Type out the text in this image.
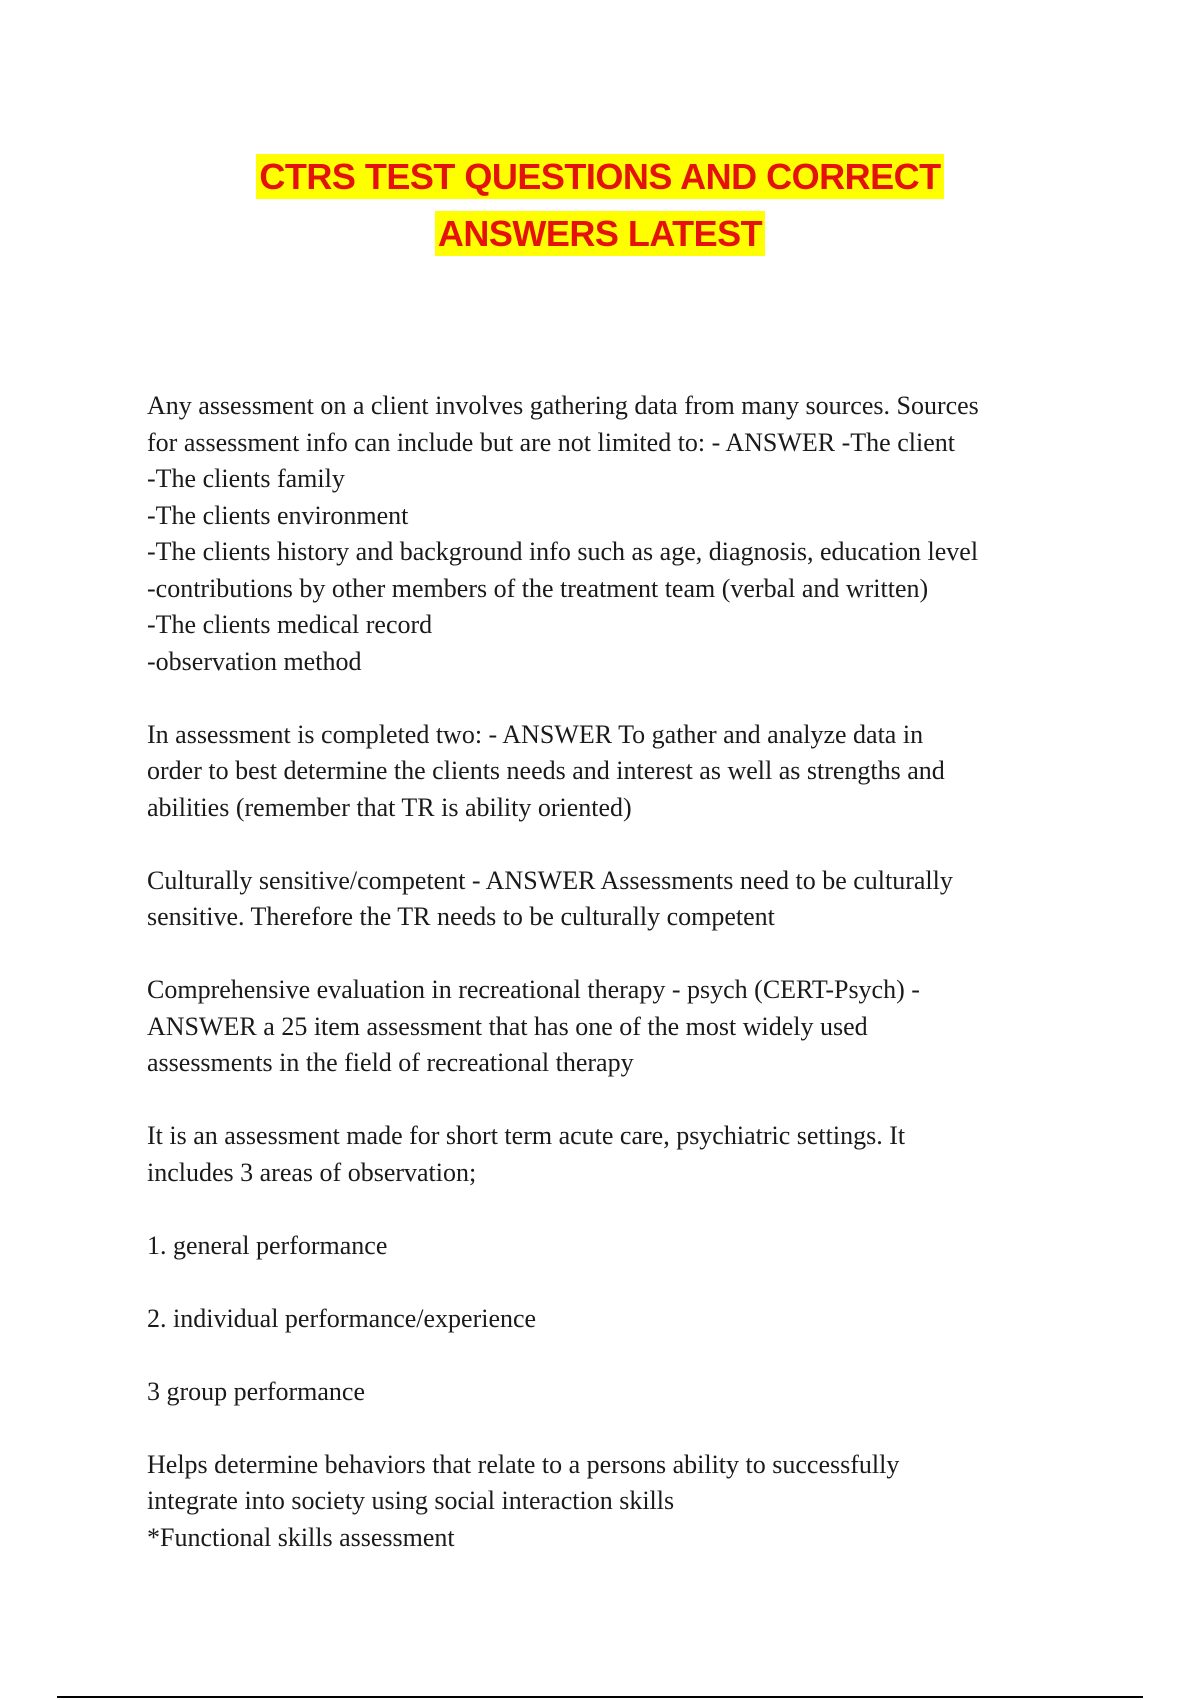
CTRS TEST QUESTIONS AND CORRECT
ANSWERS LATEST

Any assessment on a client involves gathering data from many sources. Sources
for assessment info can include but are not limited to: - ANSWER -The client
-The clients family
-The clients environment
-The clients history and background info such as age, diagnosis, education level
-contributions by other members of the treatment team (verbal and written)
-The clients medical record
-observation method

In assessment is completed two: - ANSWER To gather and analyze data in
order to best determine the clients needs and interest as well as strengths and
abilities (remember that TR is ability oriented)

Culturally sensitive/competent - ANSWER Assessments need to be culturally
sensitive. Therefore the TR needs to be culturally competent

Comprehensive evaluation in recreational therapy - psych (CERT-Psych) -
ANSWER a 25 item assessment that has one of the most widely used
assessments in the field of recreational therapy

It is an assessment made for short term acute care, psychiatric settings. It
includes 3 areas of observation;

1. general performance

2. individual performance/experience

3 group performance

Helps determine behaviors that relate to a persons ability to successfully
integrate into society using social interaction skills
*Functional skills assessment
